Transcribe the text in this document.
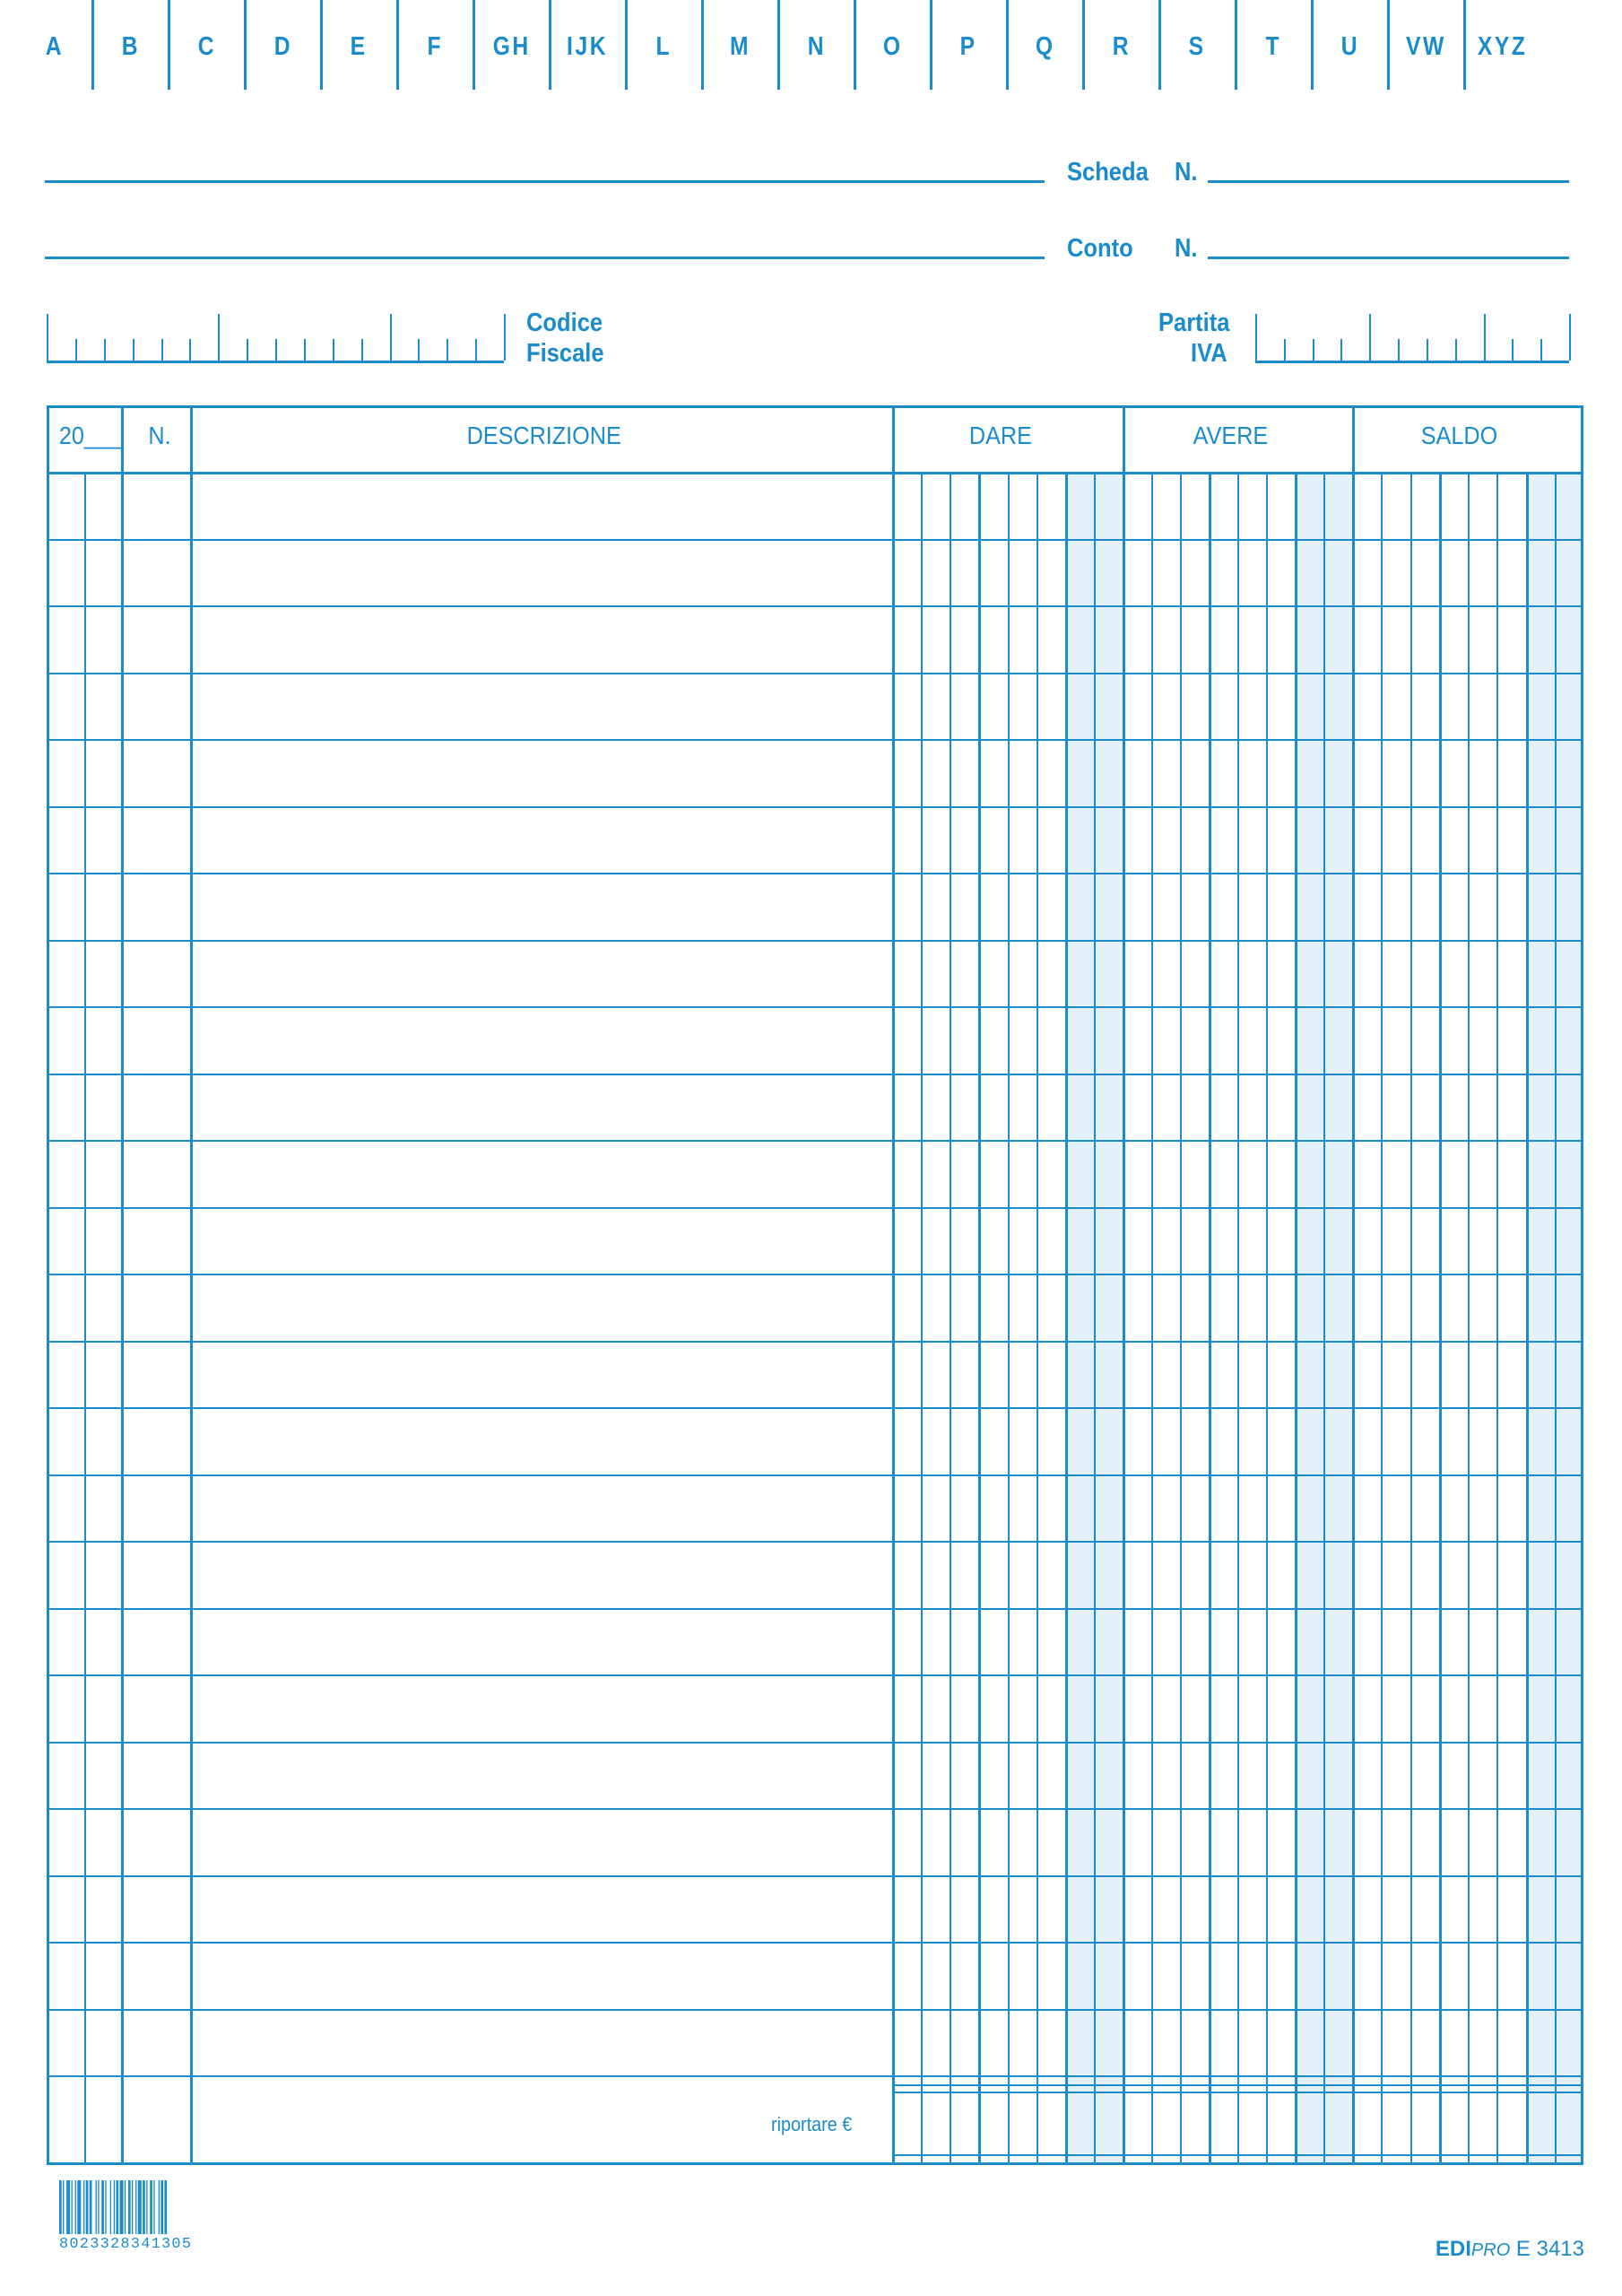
A B C D E F GH IJK L M N O P Q R S T U VW XYZ
Scheda N.
Conto N.
Codice
Fiscale
Partita
IVA
20___ N.	DESCRIZIONE	DARE	AVERE	SALDO
riportare €
8023328341305	EDIPRO E 3413
